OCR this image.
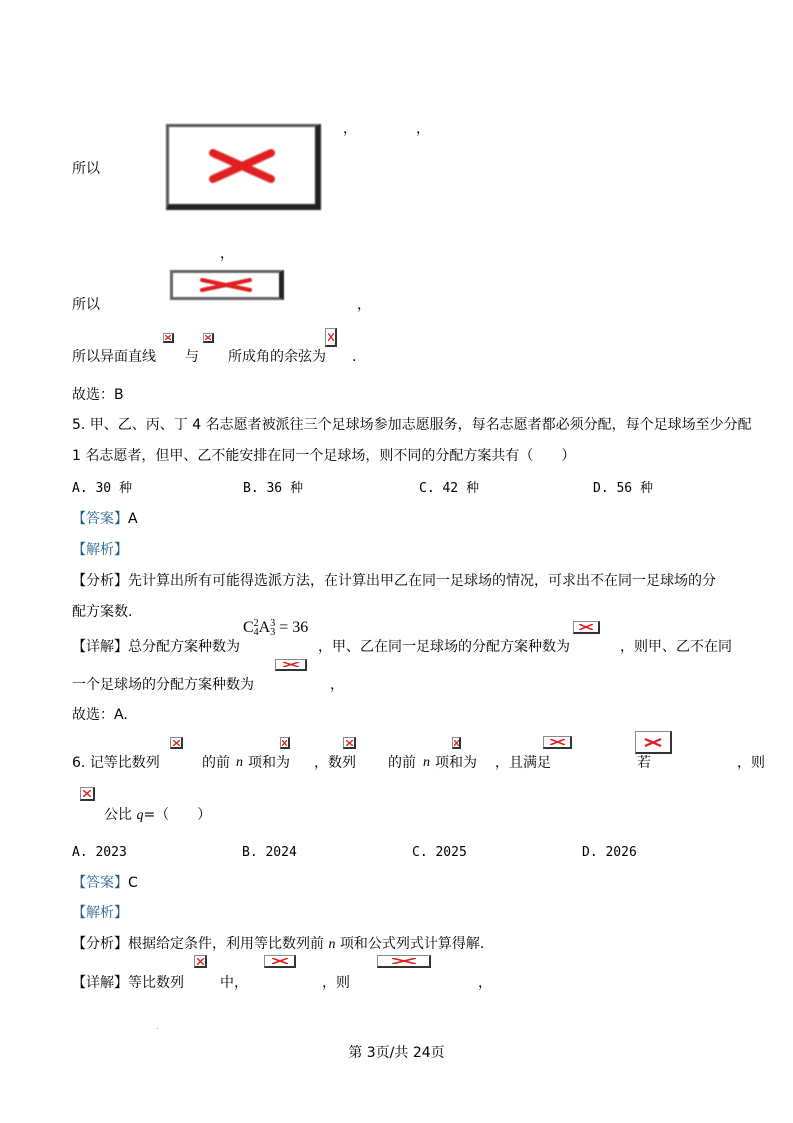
，	，
所以
，
所以	，
所以异面直线 与 所成角的余弦为 .
故选：B
5. 甲、乙、丙、丁 4 名志愿者被派往三个足球场参加志愿服务，每名志愿者都必须分配，每个足球场至少分配
1 名志愿者，但甲、乙不能安排在同一个足球场，则不同的分配方案共有（　　）
A. 30 种	B. 36 种	C. 42 种	D. 56 种
【答案】A
【解析】
【分析】先计算出所有可能得选派方法，在计算出甲乙在同一足球场的情况，可求出不在同一足球场的分
配方案数.
C 2
4 A 3
3 = 36
【详解】总分配方案种数为	，甲、乙在同一足球场的分配方案种数为	，则甲、乙不在同
一个足球场的分配方案种数为	，
故选：A.
6. 记等比数列	的前 n 项和为 ，数列 的前 n 项和为 ，且满足	若	，则
公比 q=（　　）
A. 2023	B. 2024	C. 2025	D. 2026
【答案】C
【解析】
【分析】根据给定条件，利用等比数列前 n 项和公式列式计算得解.
【详解】等比数列	中，	，则	，
第 3页/共 24页
